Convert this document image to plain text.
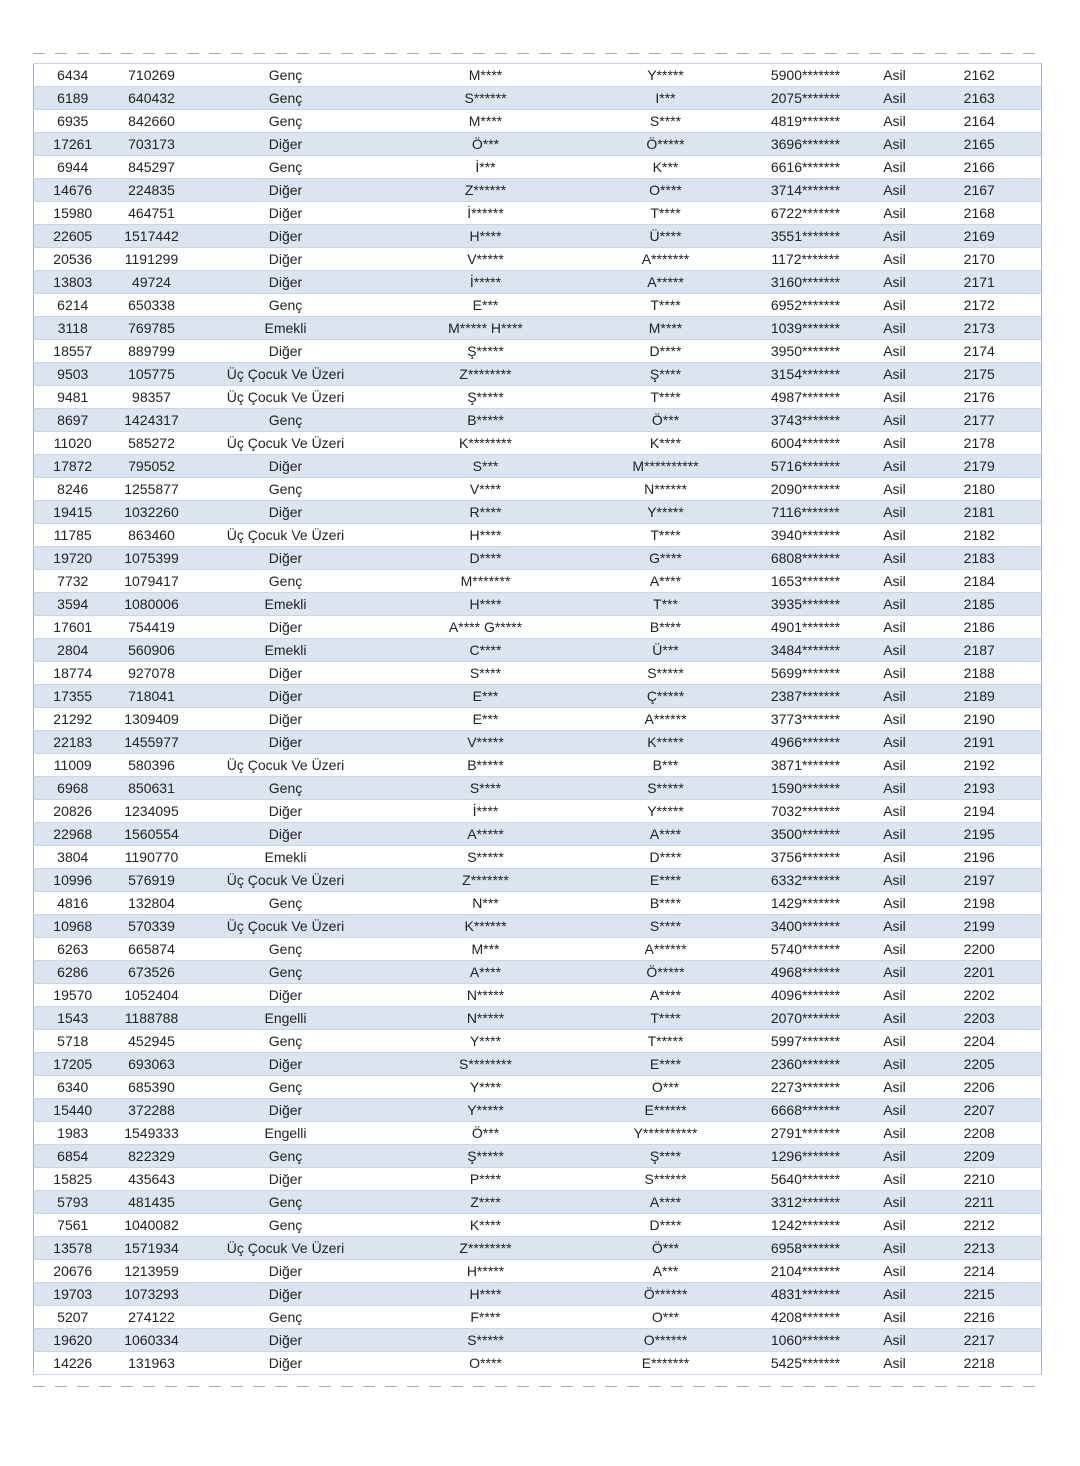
6434	710269	Genç	M****	Y*****	5900*******	Asil	2162
6189	640432	Genç	S******	I***	2075*******	Asil	2163
6935	842660	Genç	M****	S****	4819*******	Asil	2164
17261	703173	Diğer	Ö***	Ö*****	3696*******	Asil	2165
6944	845297	Genç	İ***	K***	6616*******	Asil	2166
14676	224835	Diğer	Z******	O****	3714*******	Asil	2167
15980	464751	Diğer	İ******	T****	6722*******	Asil	2168
22605	1517442	Diğer	H****	Ü****	3551*******	Asil	2169
20536	1191299	Diğer	V*****	A*******	1172*******	Asil	2170
13803	49724	Diğer	İ*****	A*****	3160*******	Asil	2171
6214	650338	Genç	E***	T****	6952*******	Asil	2172
3118	769785	Emekli	M***** H****	M****	1039*******	Asil	2173
18557	889799	Diğer	Ş*****	D****	3950*******	Asil	2174
9503	105775	Üç Çocuk Ve Üzeri	Z********	Ş****	3154*******	Asil	2175
9481	98357	Üç Çocuk Ve Üzeri	Ş*****	T****	4987*******	Asil	2176
8697	1424317	Genç	B*****	Ö***	3743*******	Asil	2177
11020	585272	Üç Çocuk Ve Üzeri	K********	K****	6004*******	Asil	2178
17872	795052	Diğer	S***	M**********	5716*******	Asil	2179
8246	1255877	Genç	V****	N******	2090*******	Asil	2180
19415	1032260	Diğer	R****	Y*****	7116*******	Asil	2181
11785	863460	Üç Çocuk Ve Üzeri	H****	T****	3940*******	Asil	2182
19720	1075399	Diğer	D****	G****	6808*******	Asil	2183
7732	1079417	Genç	M*******	A****	1653*******	Asil	2184
3594	1080006	Emekli	H****	T***	3935*******	Asil	2185
17601	754419	Diğer	A**** G*****	B****	4901*******	Asil	2186
2804	560906	Emekli	C****	Ü***	3484*******	Asil	2187
18774	927078	Diğer	S****	S*****	5699*******	Asil	2188
17355	718041	Diğer	E***	Ç*****	2387*******	Asil	2189
21292	1309409	Diğer	E***	A******	3773*******	Asil	2190
22183	1455977	Diğer	V*****	K*****	4966*******	Asil	2191
11009	580396	Üç Çocuk Ve Üzeri	B*****	B***	3871*******	Asil	2192
6968	850631	Genç	S****	S*****	1590*******	Asil	2193
20826	1234095	Diğer	İ****	Y*****	7032*******	Asil	2194
22968	1560554	Diğer	A*****	A****	3500*******	Asil	2195
3804	1190770	Emekli	S*****	D****	3756*******	Asil	2196
10996	576919	Üç Çocuk Ve Üzeri	Z*******	E****	6332*******	Asil	2197
4816	132804	Genç	N***	B****	1429*******	Asil	2198
10968	570339	Üç Çocuk Ve Üzeri	K******	S****	3400*******	Asil	2199
6263	665874	Genç	M***	A******	5740*******	Asil	2200
6286	673526	Genç	A****	Ö*****	4968*******	Asil	2201
19570	1052404	Diğer	N*****	A****	4096*******	Asil	2202
1543	1188788	Engelli	N*****	T****	2070*******	Asil	2203
5718	452945	Genç	Y****	T*****	5997*******	Asil	2204
17205	693063	Diğer	S********	E****	2360*******	Asil	2205
6340	685390	Genç	Y****	O***	2273*******	Asil	2206
15440	372288	Diğer	Y*****	E******	6668*******	Asil	2207
1983	1549333	Engelli	Ö***	Y**********	2791*******	Asil	2208
6854	822329	Genç	Ş*****	Ş****	1296*******	Asil	2209
15825	435643	Diğer	P****	S******	5640*******	Asil	2210
5793	481435	Genç	Z****	A****	3312*******	Asil	2211
7561	1040082	Genç	K****	D****	1242*******	Asil	2212
13578	1571934	Üç Çocuk Ve Üzeri	Z********	Ö***	6958*******	Asil	2213
20676	1213959	Diğer	H*****	A***	2104*******	Asil	2214
19703	1073293	Diğer	H****	Ö******	4831*******	Asil	2215
5207	274122	Genç	F****	O***	4208*******	Asil	2216
19620	1060334	Diğer	S*****	O******	1060*******	Asil	2217
14226	131963	Diğer	O****	E*******	5425*******	Asil	2218
